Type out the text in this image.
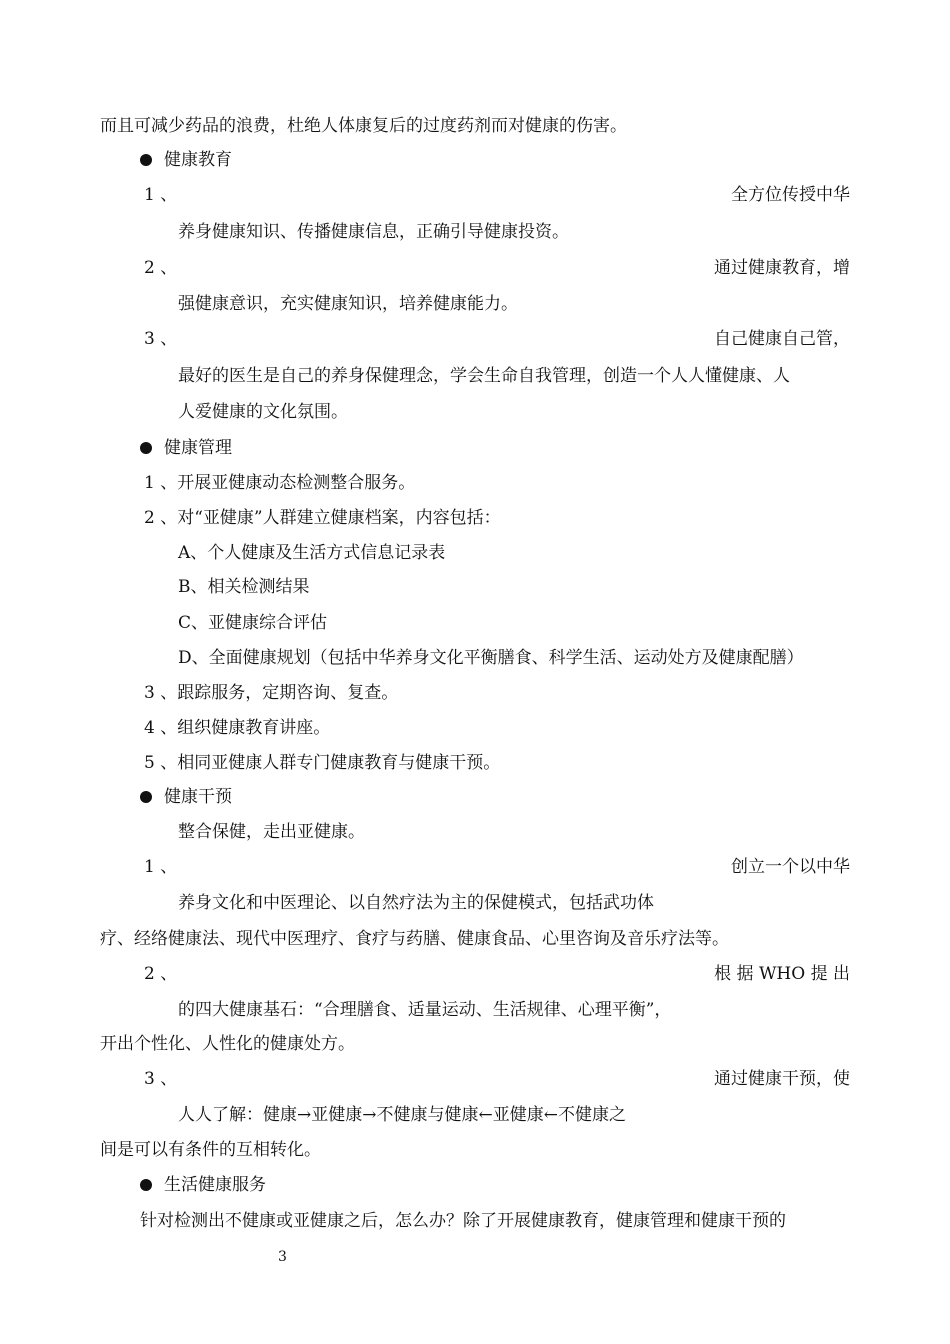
而且可减少药品的浪费，杜绝人体康复后的过度药剂而对健康的伤害。
健康教育
1 、	全方位传授中华
养身健康知识、传播健康信息，正确引导健康投资。
2 、	通过健康教育，增
强健康意识，充实健康知识，培养健康能力。
3 、	自己健康自己管，
最好的医生是自己的养身保健理念，学会生命自我管理，创造一个人人懂健康、人
人爱健康的文化氛围。
健康管理
1 、开展亚健康动态检测整合服务。
2 、对“亚健康”人群建立健康档案，内容包括：
A、个人健康及生活方式信息记录表
B、相关检测结果
C、亚健康综合评估
D、全面健康规划（包括中华养身文化平衡膳食、科学生活、运动处方及健康配膳）
3 、跟踪服务，定期咨询、复查。
4 、组织健康教育讲座。
5 、相同亚健康人群专门健康教育与健康干预。
健康干预
整合保健，走出亚健康。
1 、	创立一个以中华
养身文化和中医理论、以自然疗法为主的保健模式，包括武功体
疗、经络健康法、现代中医理疗、食疗与药膳、健康食品、心里咨询及音乐疗法等。
2 、	根 据 WHO 提 出
的四大健康基石：“合理膳食、适量运动、生活规律、心理平衡”，
开出个性化、人性化的健康处方。
3 、	通过健康干预，使
人人了解：健康→亚健康→不健康与健康←亚健康←不健康之
间是可以有条件的互相转化。
生活健康服务
针对检测出不健康或亚健康之后，怎么办？除了开展健康教育，健康管理和健康干预的
3
